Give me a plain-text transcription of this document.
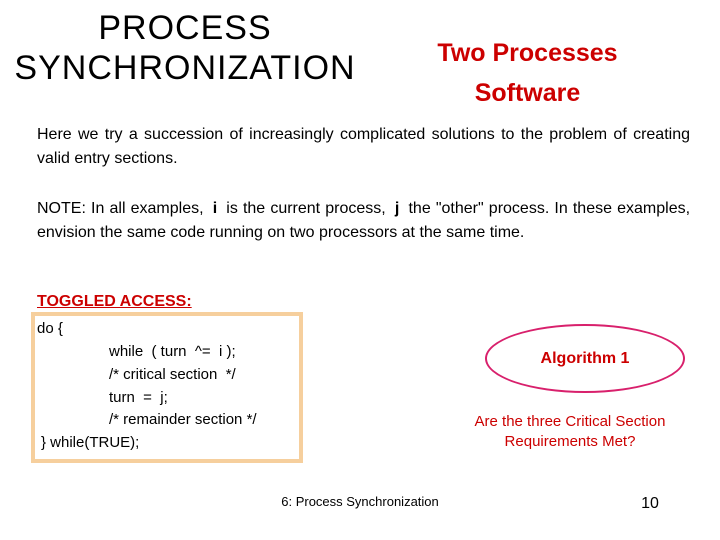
PROCESS SYNCHRONIZATION	Two Processes
Software
Here we try a succession of increasingly complicated solutions to the problem of creating valid entry sections.
NOTE: In all examples, i is the current process, j the "other" process. In these examples, envision the same code running on two processors at the same time.
TOGGLED ACCESS:
do {
while  ( turn  ^=  i );
/* critical section  */
turn  =  j;
/* remainder section */
} while(TRUE);
Algorithm 1
Are the three Critical Section Requirements Met?
6: Process Synchronization	10
